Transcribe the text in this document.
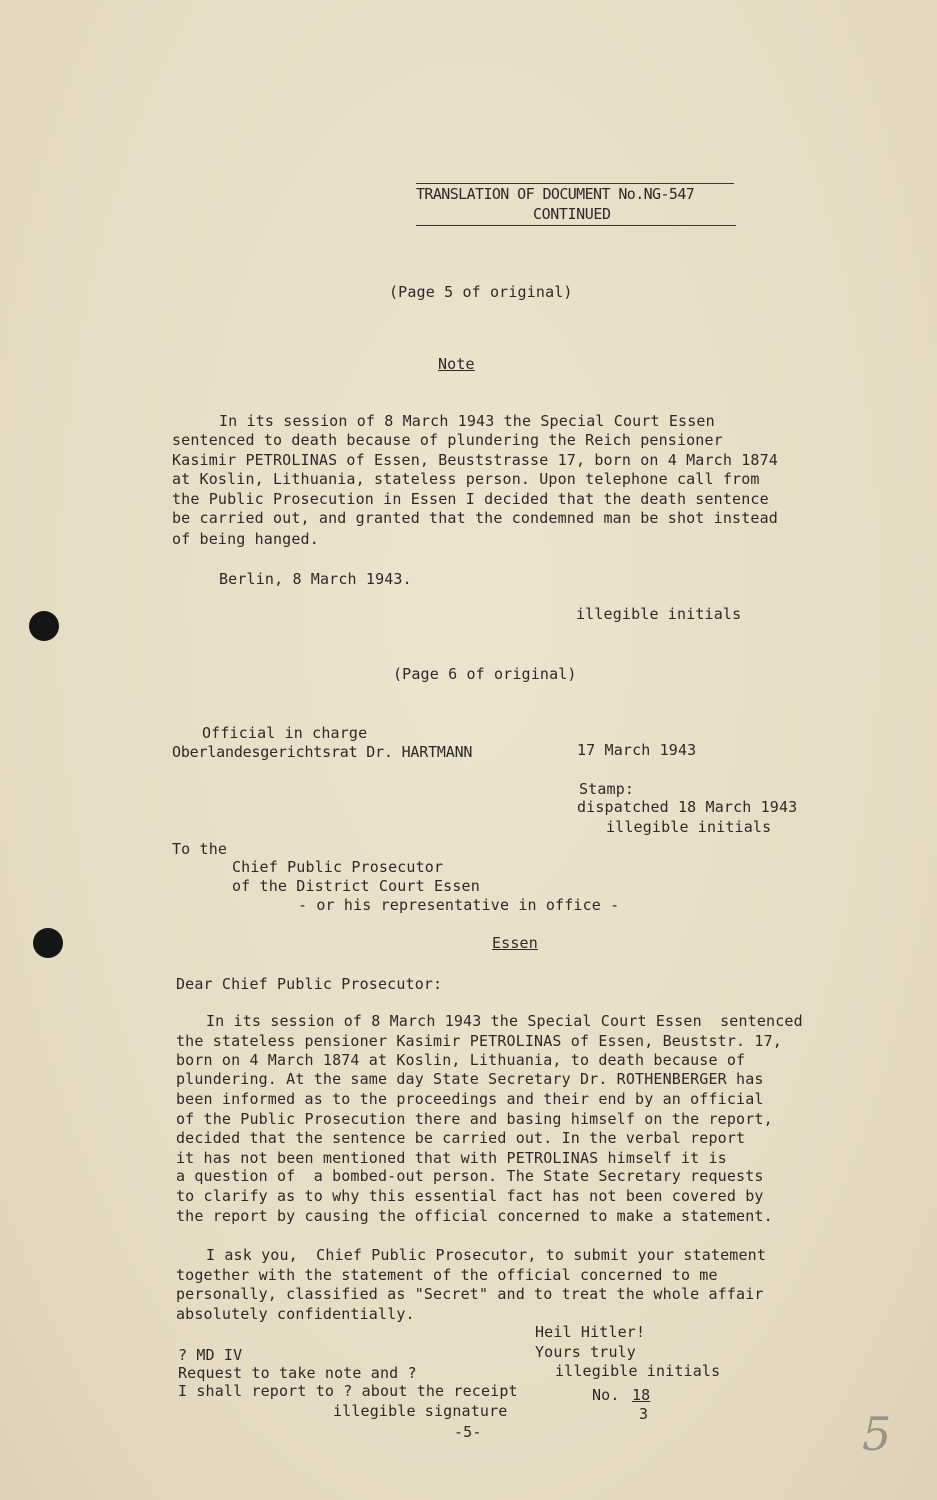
TRANSLATION OF DOCUMENT No.NG-547
CONTINUED
(Page 5 of original)
Note
In its session of 8 March 1943 the Special Court Essen
sentenced to death because of plundering the Reich pensioner
Kasimir PETROLINAS of Essen, Beuststrasse 17, born on 4 March 1874
at Koslin, Lithuania, stateless person. Upon telephone call from
the Public Prosecution in Essen I decided that the death sentence
be carried out, and granted that the condemned man be shot instead
of being hanged.
Berlin, 8 March 1943.
illegible initials
(Page 6 of original)
Official in charge
Oberlandesgerichtsrat Dr. HARTMANN	17 March 1943
Stamp:
dispatched 18 March 1943
illegible initials
To the
Chief Public Prosecutor
of the District Court Essen
- or his representative in office -
Essen
Dear Chief Public Prosecutor:
In its session of 8 March 1943 the Special Court Essen  sentenced
the stateless pensioner Kasimir PETROLINAS of Essen, Beuststr. 17,
born on 4 March 1874 at Koslin, Lithuania, to death because of
plundering. At the same day State Secretary Dr. ROTHENBERGER has
been informed as to the proceedings and their end by an official
of the Public Prosecution there and basing himself on the report,
decided that the sentence be carried out. In the verbal report
it has not been mentioned that with PETROLINAS himself it is
a question of  a bombed-out person. The State Secretary requests
to clarify as to why this essential fact has not been covered by
the report by causing the official concerned to make a statement.
I ask you,  Chief Public Prosecutor, to submit your statement
together with the statement of the official concerned to me
personally, classified as "Secret" and to treat the whole affair
absolutely confidentially.
Heil Hitler!
Yours truly
illegible initials
? MD IV
Request to take note and ?
I shall report to ? about the receipt
illegible signature
No. 18
3
-5-	5
